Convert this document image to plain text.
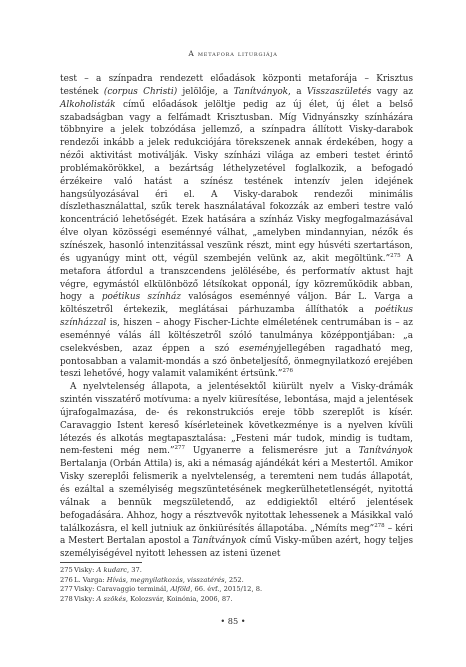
A metafora liturgiája

test – a színpadra rendezett előadások központi metaforája – Krisztus testének (corpus Christi) jelölője, a Tanítványok, a Visszaszületés vagy az Alkoholisták című előadások jelöltje pedig az új élet, új élet a belső szabadságban vagy a felfámadt Krisztusban. Míg Vidnyánszky színházára többnyire a jelek tobzódása jellemző, a színpadra állított Visky-darabok rendezői inkább a jelek redukciójára törekszenek annak érdekében, hogy a nézői aktivitást motiválják. Visky színházi világa az emberi testet érintő problémakörökkel, a bezártság léthelyzetével foglalkozik, a befogadó érzékeire való hatást a színész testének intenzív jelen idejének hangsúlyozásával éri el. A Visky-darabok rendezői minimális díszlethasználattal, szűk terek használatával fokozzák az emberi testre való koncentráció lehetőségét. Ezek hatására a színház Visky megfogalmazásával élve olyan közösségi eseménnyé válhat, „amelyben mindannyian, nézők és színészek, hasonló intenzitással veszünk részt, mint egy húsvéti szertartáson, és ugyanúgy mint ott, végül szembején velünk az, akit megöltünk.”$^{275}$ A metafora átfordul a transzcendens jelölésébe, és performatív aktust hajt végre, egymástól elkülönböző létsíkokat opponál, így közreműködik abban, hogy a poétikus színház valóságos eseménnyé váljon. Bár L. Varga a költészetről értekezik, meglátásai párhuzamba állíthatók a poétikus színházzal is, hiszen – ahogy Fischer-Lichte elméletének centrumában is – az eseménnyé válás áll költészetről szóló tanulmánya középpontjában: „a cselekvésben, azaz éppen a szó eseményjellegében ragadható meg, pontosabban a valamit-mondás a szó önbeteljesítő, önmegnyilatkozó erejében teszi lehetővé, hogy valamit valamiként értsünk.”$^{276}$

A nyelvtelenség állapota, a jelentésektől kiürült nyelv a Visky-drámák szintén visszatérő motívuma: a nyelv kiüresítése, lebontása, majd a jelentések újrafogalmazása, de- és rekonstrukciós ereje több szereplőt is kísér. Caravaggio Istent kereső kísérleteinek következménye is a nyelven kívüli létezés és alkotás megtapasztalása: „Festeni már tudok, mindig is tudtam, nem-festeni még nem.”$^{277}$ Ugyanerre a felismerésre jut a Tanítványok Bertalanja (Orbán Attila) is, aki a némaság ajándékát kéri a Mestertől. Amikor Visky szereplői felismerik a nyelvtelenség, a teremteni nem tudás állapotát, és ezáltal a személyiség megszüntetésének megkerülhetetlenségét, nyitottá válnak a bennük megszületendő, az eddigiektől eltérő jelentések befogadására. Ahhoz, hogy a résztvevők nyitottak lehessenek a Másikkal való találkozásra, el kell jutniuk az önkiürésítés állapotába. „Némíts meg”$^{278}$ – kéri a Mestert Bertalan apostol a Tanítványok című Visky-műben azért, hogy teljes személyiségével nyitott lehessen az isteni üzenet

275 Visky: A kudarc, 37.
276 L. Varga: Hívás, megnyilatkozás, visszatérés, 252.
277 Visky: Caravaggio terminál, Alföld, 66. évf., 2015/12, 8.
278 Visky: A szökés, Kolozsvár, Koinónia, 2006, 87.
• 85 •
